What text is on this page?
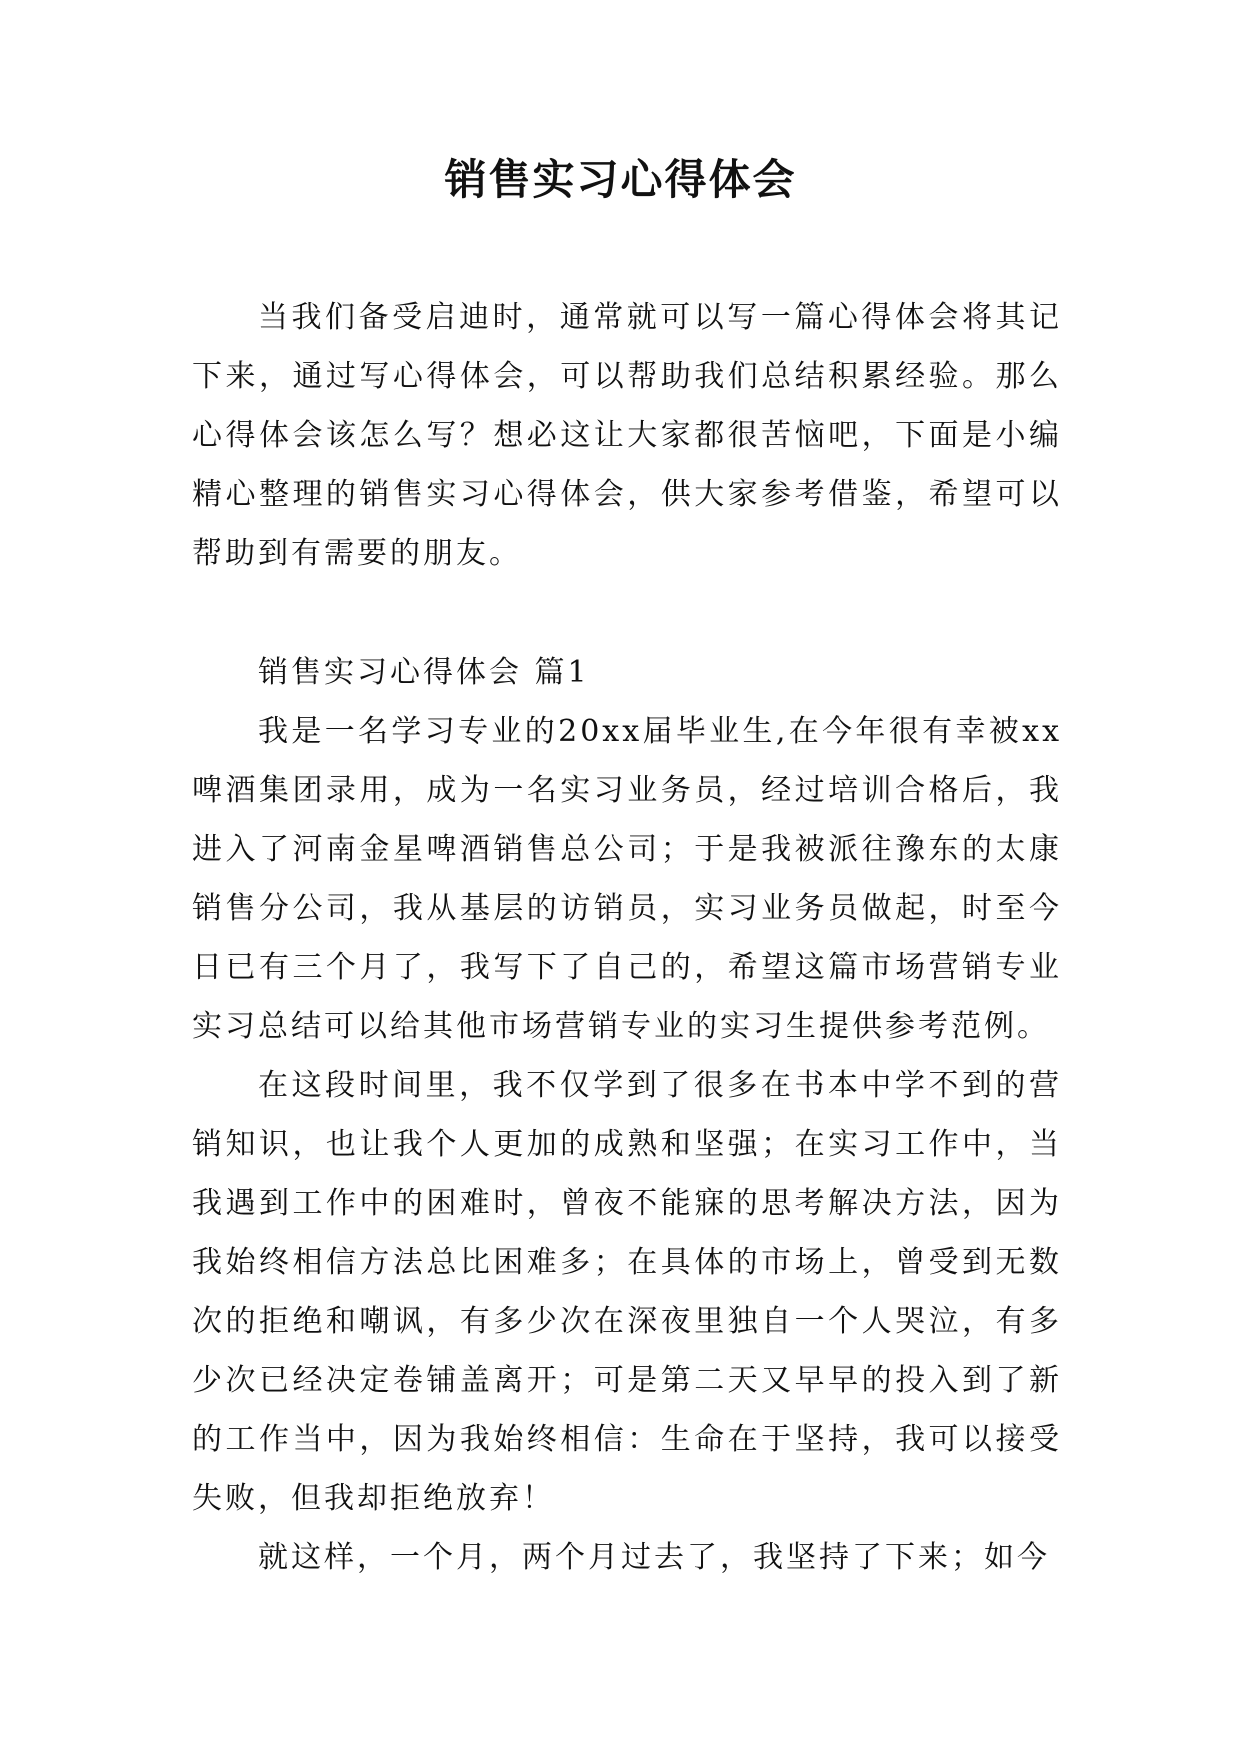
销售实习心得体会

当我们备受启迪时，通常就可以写一篇心得体会将其记下来，通过写心得体会，可以帮助我们总结积累经验。那么心得体会该怎么写？想必这让大家都很苦恼吧，下面是小编精心整理的销售实习心得体会，供大家参考借鉴，希望可以帮助到有需要的朋友。

销售实习心得体会 篇1

我是一名学习专业的20xx届毕业生,在今年很有幸被xx啤酒集团录用，成为一名实习业务员，经过培训合格后，我进入了河南金星啤酒销售总公司；于是我被派往豫东的太康销售分公司，我从基层的访销员，实习业务员做起，时至今日已有三个月了，我写下了自己的，希望这篇市场营销专业实习总结可以给其他市场营销专业的实习生提供参考范例。

在这段时间里，我不仅学到了很多在书本中学不到的营销知识，也让我个人更加的成熟和坚强；在实习工作中，当我遇到工作中的困难时，曾夜不能寐的思考解决方法，因为我始终相信方法总比困难多；在具体的市场上，曾受到无数次的拒绝和嘲讽，有多少次在深夜里独自一个人哭泣，有多少次已经决定卷铺盖离开；可是第二天又早早的投入到了新的工作当中，因为我始终相信：生命在于坚持，我可以接受失败，但我却拒绝放弃！

就这样，一个月，两个月过去了，我坚持了下来；如今
